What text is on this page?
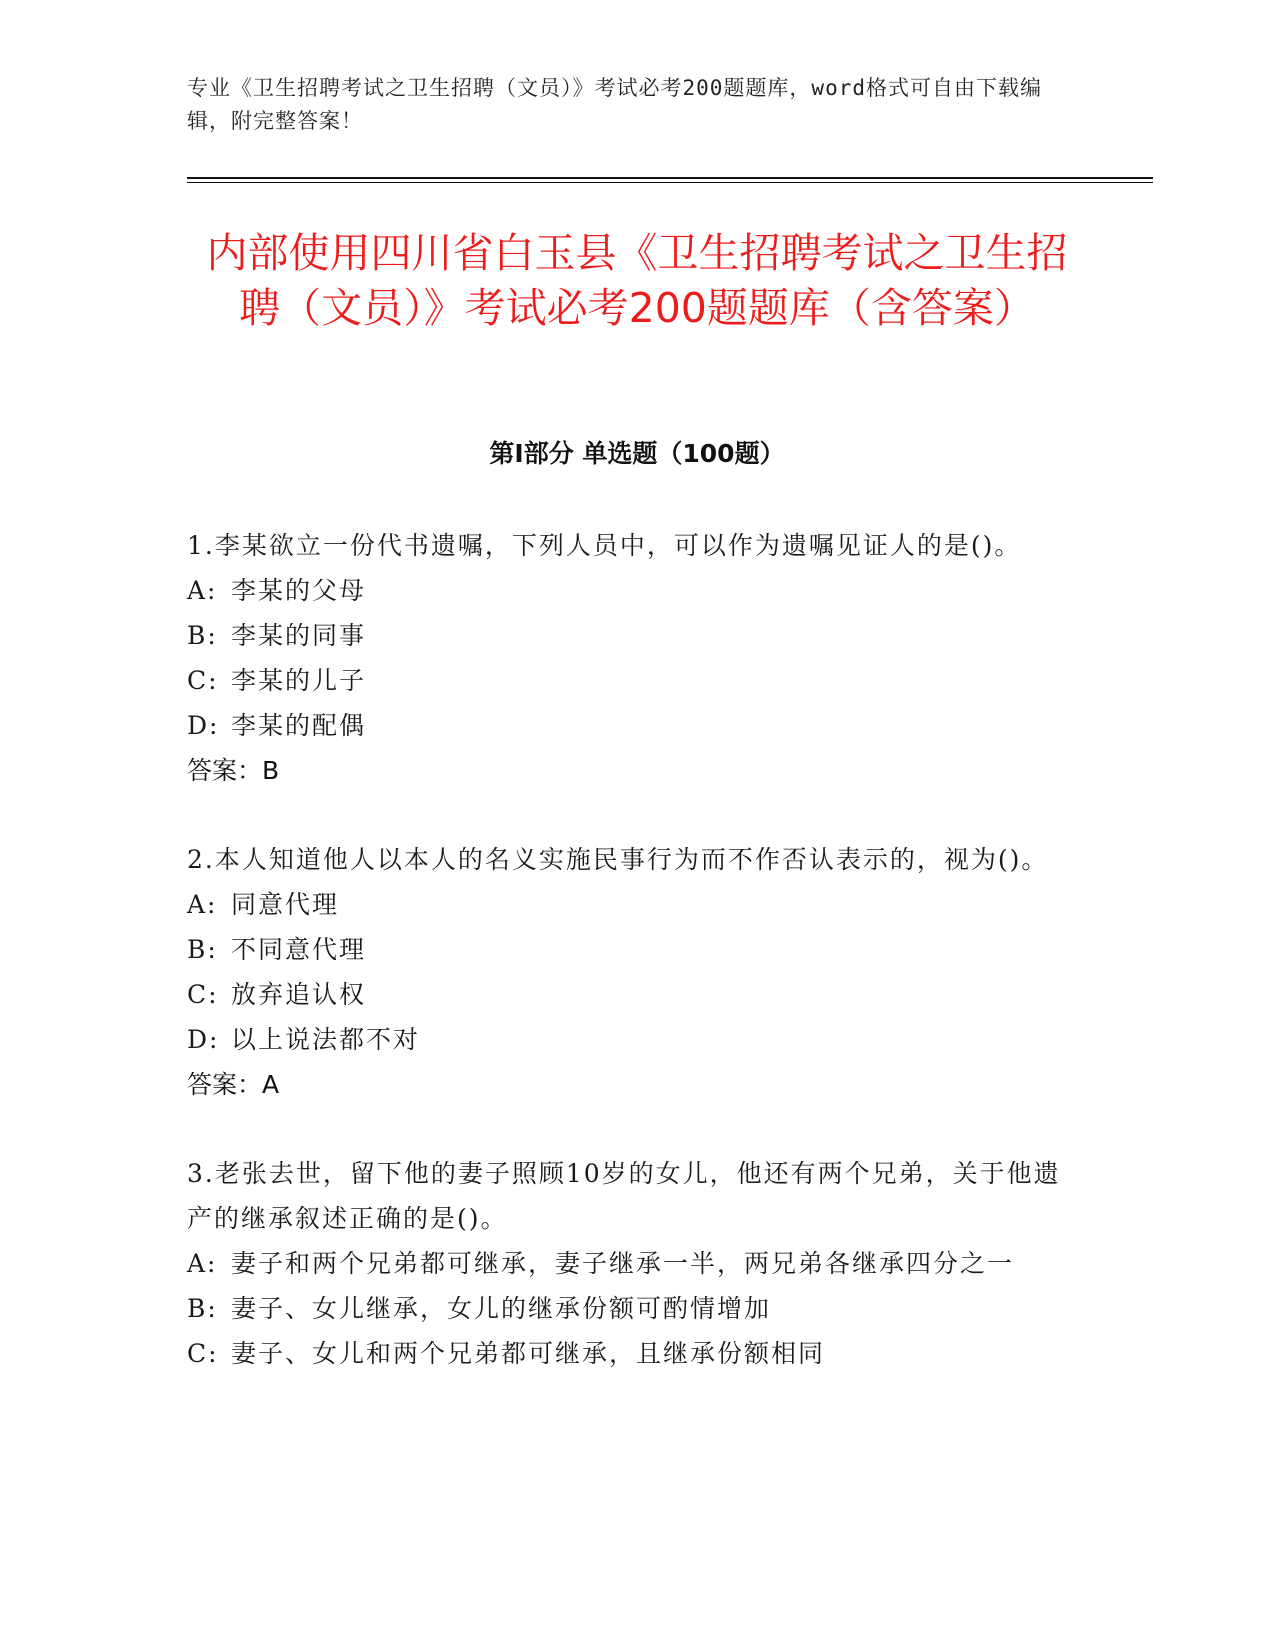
专业《卫生招聘考试之卫生招聘（文员）》考试必考200题题库，word格式可自由下载编辑，附完整答案！
内部使用四川省白玉县《卫生招聘考试之卫生招聘（文员）》考试必考200题题库（含答案）
第I部分 单选题（100题）
1.李某欲立一份代书遗嘱，下列人员中，可以作为遗嘱见证人的是()。
A: 李某的父母
B: 李某的同事
C: 李某的儿子
D: 李某的配偶
答案：B
2.本人知道他人以本人的名义实施民事行为而不作否认表示的，视为()。
A: 同意代理
B: 不同意代理
C: 放弃追认权
D: 以上说法都不对
答案：A
3.老张去世，留下他的妻子照顾10岁的女儿，他还有两个兄弟，关于他遗产的继承叙述正确的是()。
A: 妻子和两个兄弟都可继承，妻子继承一半，两兄弟各继承四分之一
B: 妻子、女儿继承，女儿的继承份额可酌情增加
C: 妻子、女儿和两个兄弟都可继承，且继承份额相同
